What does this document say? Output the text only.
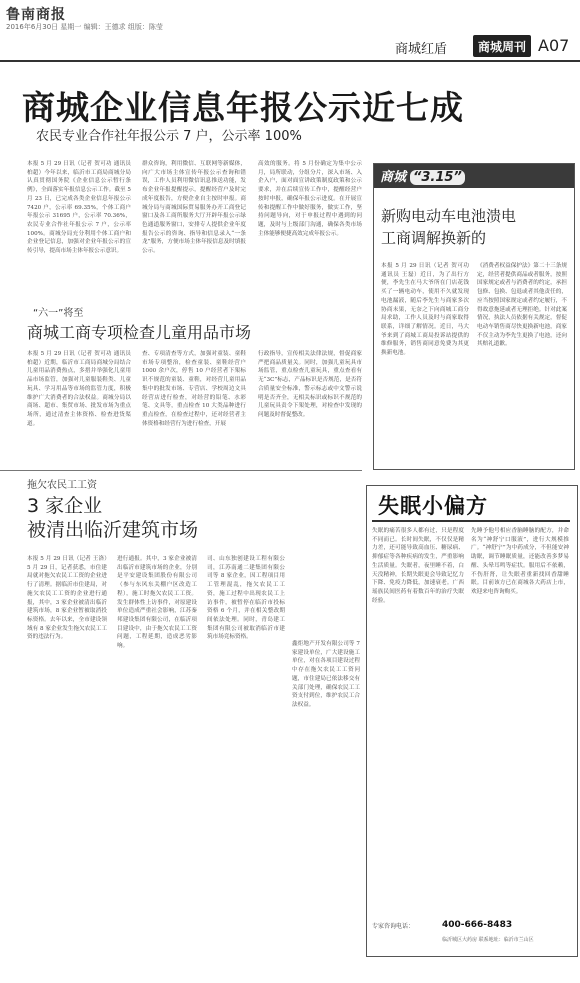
鲁南商报
2016年6月30日 星期一 编辑：王德求 组版：陈莹
商城红盾	商城周刊 A07
商城企业信息年报公示近七成
农民专业合作社年报公示 7 户，公示率 100%
本报 5 月 29 日讯（记者 贺可功 通讯员 柏超）今年以来，临沂市工商局商城分局认真贯彻国务院《企业信息公示暂行条例》，全面落实年报信息公示工作。截至 5 月 23 日，已完成各类企业信息年报公示 7420 户，公示率 69.35%，个体工商户年报公示 31695 户，公示率 70.36%，农民专业合作社年报公示 7 户，公示率 100%。商城分局充分利用个体工商户和企业登记信息，加强对企业年报公示的宣传引导，提高市场主体年报公示意识。
群众咨询，利用微信、互联网等新媒体，向广大市场主体宣传年报公示查询和错误，工作人员利用微信讯息推送功能，发布企业年报提醒提示，提醒经营户及时完成年度报告，方便企业自主按时申报。商城分局与商城国际贸易服务办开工商登记窗口及各工商所服务大厅开辟年报公示绿色通道服务窗口，安排专人提供企业年度报告公示的咨询、指导和信息录入“一条龙”服务，方便市场主体年报信息及时填报公示。
高效的服务。将 5 月份确定为集中公示月，局所联动，分组分片，深入市场、入企入户，面对面宣讲政策制度政策和公示要求，并在后续宣传工作中，提醒经营户按时申报，确保年报公示进度。在开展宣传和提醒工作中做好服务，做实工作，坚持问题导向，对于申报过程中遇到的问题，及时与上级部门沟通，确保各类市场主体能够便捷高效完成年报公示。
“六一”将至
商城工商专项检查儿童用品市场
本报 5 月 29 日讯（记者 贺可功 通讯员 柏超）近期，临沂市工商局商城分局结合儿童用品消费热点，多措并举强化儿童用品市场监管，加强对儿童服装鞋类、儿童玩具、学习用品等市场的监管力度，积极维护广大消费者的合法权益。商城分局以商场、超市、集贸市场、批发市场为重点场所，通过清查主体资格、检查进货渠道。
查、专项清查等方式，加强对童装、童鞋市场专项整治，检查童装、童鞋经营户 1000 余户次，停售 10 户经营者下架标识不规范的童装、童鞋，对经营儿童用品集中的批发市场、专营店、学校周边文具经营店进行检查，对经营的铅笔、水彩笔、文具等，重点检查 10 大类品种进行重点检查，在检查过程中，还对经营者主体资格和经营行为进行检查，开展
行政指导，宣传相关法律法规，督促商家严把商品质量关。同时，加强儿童玩具市场监管，重点检查儿童玩具，重点查看有无“3C”标志，产品标识是否规范，是否符合质量安全标准，警示标志或中文警示说明是否齐全，无相关标识或标识不规范的儿童玩具责令下架处理，对检查中发现的问题及时督促整改。
商城 “3.15”
新购电动车电池溃电
工商调解换新的
本报 5 月 29 日讯（记者 贺可功 通讯员 王磊）近日，为了出行方便，李先生在马大爷所在门店花钱买了一辆电动车，使用不久就发现电池漏液，随后李先生与商家多次协商未果，无奈之下向商城工商分局求助，工作人员及时与商家取得联系，详细了解情况。近日，马大爷来到了商城工商局投诉站提供的维修服务，销售商同意免费为其更换新电池。
《消费者权益保护法》第二十三条规定，经营者提供商品或者服务，按照国家规定或者与消费者的约定，承担包修、包换、包退或者其他责任的，应当按照国家规定或者约定履行，不得故意拖延或者无理拒绝。针对此案情况，执法人员依据有关规定，督促电动车销售商尽快更换新电池，商家不仅主动为李先生更换了电池，还向其赔礼道歉。
拖欠农民工工资
3 家企业
被清出临沂建筑市场
本报 5 月 29 日讯（记者 王洛）5 月 29 日，记者获悉，市住建局就对拖欠农民工工资的企业进行了清理。据临沂市住建局，对施欠农民工工资的企业进行通报，其中，3 家企业被清出临沂建筑市场，8 家企业暂被取消投标资格。去年以来，全市建设领域有 8 家企业发生拖欠农民工工资的违法行为。
进行通报。其中，3 家企业被清出临沂市建筑市场的企业，分别是平安建设集团股份有限公司（参与东风东关棚户区改造工程），施工时拖欠农民工工资。发生群体性上访事件，对原建设单位造成严重社会影响，江苏秦邦建设集团有限公司，在临沂项目建设中，由于拖欠农民工工资问题，工程延期，造成恶劣影响。
司、山东独创建设工程有限公司，江苏南通二建集团有限公司等 8 家企业，因工程项目用工管理混乱，拖欠农民工工资，施工过程中出现农民工上访事件，被暂停在临沂市投标资格 6 个月，并在相关整改期间依法处理。同时，青岛建工集团有限公司被取消临沂市建筑市场竞标资格。
鑫炬地产开发有限公司等 7 家建设单位，广大建设施工单位，对在各项目建设过程中存在拖欠农民工工资问题，市住建局已依法移交有关部门处理，确保农民工工资支付到位，维护农民工合法权益。
失眠小偏方
失眠的痛苦很多人都有过，只是程度不同而已。长时间失眠，不仅仅是精力差，还可能导致高血压、糖尿病、抑郁症等各种疾病的发生，严重影响生活质量。失眠者，夜里睡不着，白天没精神，长期失眠更会导致记忆力下降、免疫力降低，加速衰老。广西瑶族民间医药有着数百年的治疗失眠经验。
先睡予他号相应香脑睡脑的配方，并命名为“神舒宁口服液”，进行大规模推广。“神舒宁”为中药成分，不但能安神助眠，调节睡眠质量，还能改善多梦易醒、头晕耳鸣等症状。服用后不依赖，不伤肝肾，让失眠者重新找回香甜睡眠。目前该方已在商城各大药店上市，欢迎来电咨询购买。
专家咨询电话：	400-666-8483
临沂城区大药房 联系地址：临沂市兰山区
